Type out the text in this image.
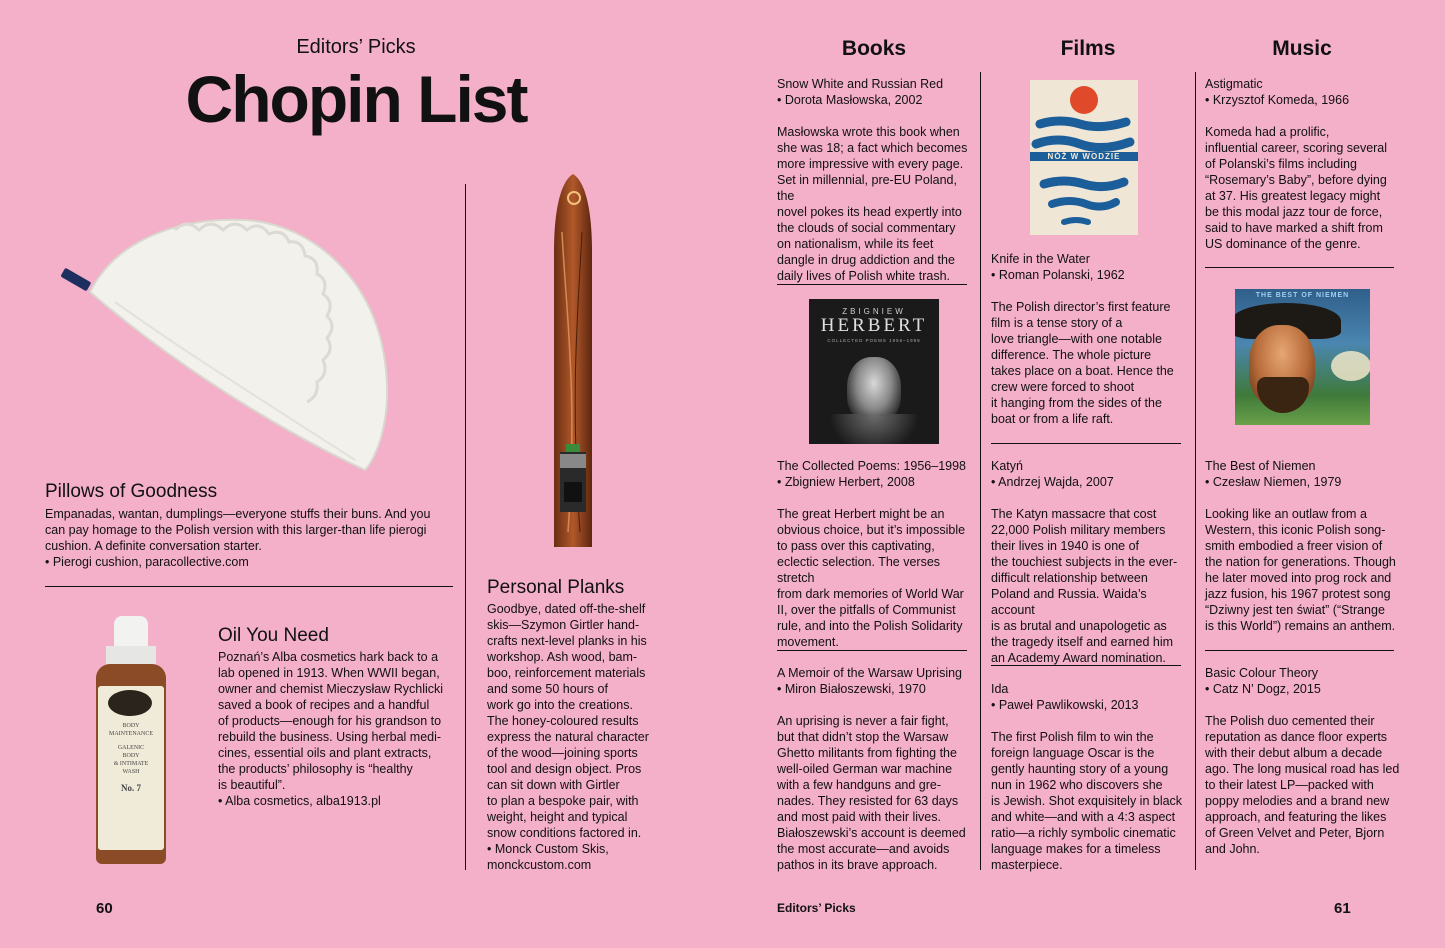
Editors’ Picks
Chopin List
Pillows of Goodness
Empanadas, wantan, dumplings—everyone stuffs their buns. And you
can pay homage to the Polish version with this larger-than life pierogi
cushion. A definite conversation starter.
• Pierogi cushion, paracollective.com
BODY
MAINTENANCE
GALENIC
BODY
& INTIMATE
WASH
No. 7
Oil You Need
Poznań’s Alba cosmetics hark back to a
lab opened in 1913. When WWII began,
owner and chemist Mieczysław Rychlicki
saved a book of recipes and a handful
of products—enough for his grandson to
rebuild the business. Using herbal medi-
cines, essential oils and plant extracts,
the products’ philosophy is “healthy
is beautiful”.
• Alba cosmetics, alba1913.pl
Personal Planks
Goodbye, dated off-the-shelf
skis—Szymon Girtler hand-
crafts next-level planks in his
workshop. Ash wood, bam-
boo, reinforcement materials
and some 50 hours of
work go into the creations.
The honey-coloured results
express the natural character
of the wood—joining sports
tool and design object. Pros
can sit down with Girtler
to plan a bespoke pair, with
weight, height and typical
snow conditions factored in.
• Monck Custom Skis,
monckcustom.com
60
Books	Films	Music
Snow White and Russian Red
• Dorota Masłowska, 2002
Masłowska wrote this book when
she was 18; a fact which becomes
more impressive with every page.
Set in millennial, pre-EU Poland, the
novel pokes its head expertly into
the clouds of social commentary
on nationalism, while its feet
dangle in drug addiction and the
daily lives of Polish white trash.
ZBIGNIEW
HERBERT
COLLECTED POEMS 1956–1998
The Collected Poems: 1956–1998
• Zbigniew Herbert, 2008
The great Herbert might be an
obvious choice, but it’s impossible
to pass over this captivating,
eclectic selection. The verses stretch
from dark memories of World War
II, over the pitfalls of Communist
rule, and into the Polish Solidarity
movement.
A Memoir of the Warsaw Uprising
• Miron Białoszewski, 1970
An uprising is never a fair fight,
but that didn’t stop the Warsaw
Ghetto militants from fighting the
well-oiled German war machine
with a few handguns and gre-
nades. They resisted for 63 days
and most paid with their lives.
Białoszewski’s account is deemed
the most accurate—and avoids
pathos in its brave approach.
NÓŻ W WODZIE
Knife in the Water
• Roman Polanski, 1962
The Polish director’s first feature
film is a tense story of a
love triangle—with one notable
difference. The whole picture
takes place on a boat. Hence the
crew were forced to shoot
it hanging from the sides of the
boat or from a life raft.
Katyń
• Andrzej Wajda, 2007
The Katyn massacre that cost
22,000 Polish military members
their lives in 1940 is one of
the touchiest subjects in the ever-
difficult relationship between
Poland and Russia. Waida’s account
is as brutal and unapologetic as
the tragedy itself and earned him
an Academy Award nomination.
Ida
• Paweł Pawlikowski, 2013
The first Polish film to win the
foreign language Oscar is the
gently haunting story of a young
nun in 1962 who discovers she
is Jewish. Shot exquisitely in black
and white—and with a 4:3 aspect
ratio—a richly symbolic cinematic
language makes for a timeless
masterpiece.
Astigmatic
• Krzysztof Komeda, 1966
Komeda had a prolific,
influential career, scoring several
of Polanski’s films including
“Rosemary’s Baby”, before dying
at 37. His greatest legacy might
be this modal jazz tour de force,
said to have marked a shift from
US dominance of the genre.
THE BEST OF NIEMEN
The Best of Niemen
• Czesław Niemen, 1979
Looking like an outlaw from a
Western, this iconic Polish song-
smith embodied a freer vision of
the nation for generations. Though
he later moved into prog rock and
jazz fusion, his 1967 protest song
“Dziwny jest ten świat” (“Strange
is this World”) remains an anthem.
Basic Colour Theory
• Catz N’ Dogz, 2015
The Polish duo cemented their
reputation as dance floor experts
with their debut album a decade
ago. The long musical road has led
to their latest LP—packed with
poppy melodies and a brand new
approach, and featuring the likes
of Green Velvet and Peter, Bjorn
and John.
Editors’ Picks	61
